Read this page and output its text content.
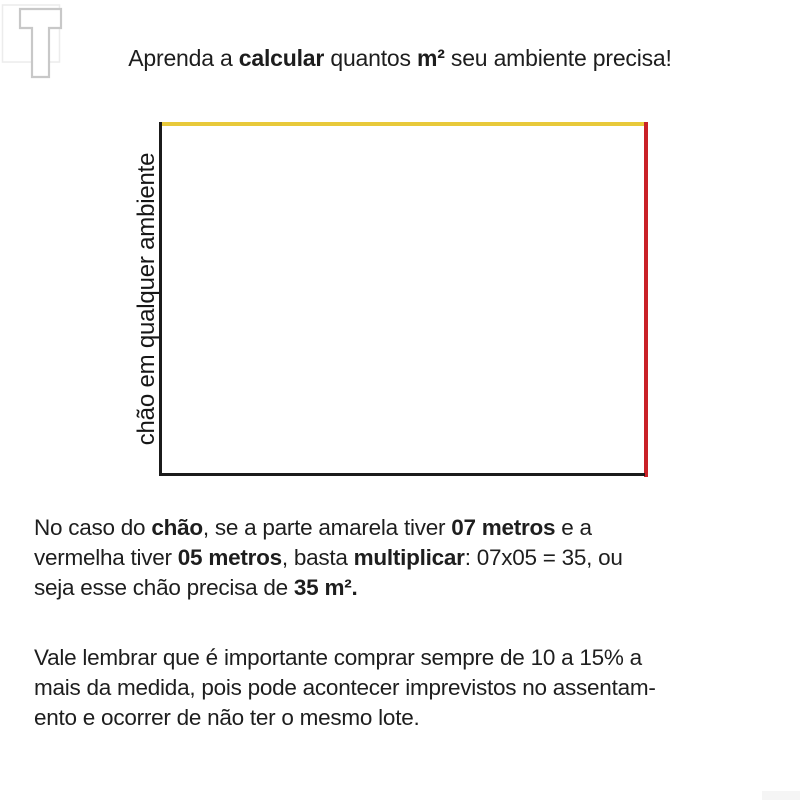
Aprenda a calcular quantos m² seu ambiente precisa!
chão em qualquer ambiente
No caso do chão, se a parte amarela tiver 07 metros e a
vermelha tiver 05 metros, basta multiplicar: 07x05 = 35, ou
seja esse chão precisa de 35 m².
Vale lembrar que é importante comprar sempre de 10 a 15% a
mais da medida, pois pode acontecer imprevistos no assentam-
ento e ocorrer de não ter o mesmo lote.
